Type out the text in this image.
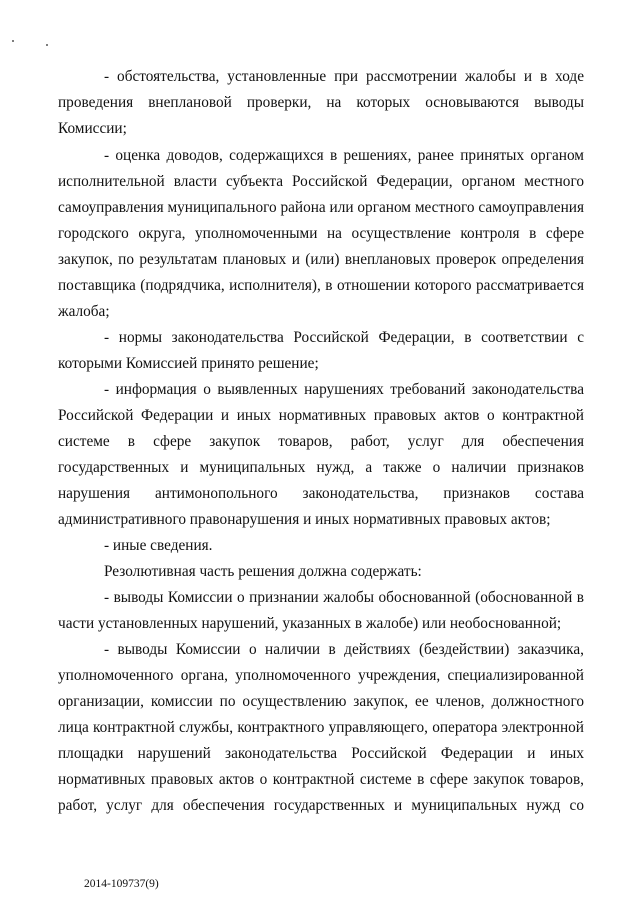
- обстоятельства, установленные при рассмотрении жалобы и в ходе
проведения внеплановой проверки, на которых основываются выводы
Комиссии;
- оценка доводов, содержащихся в решениях, ранее принятых органом
исполнительной власти субъекта Российской Федерации, органом местного
самоуправления муниципального района или органом местного самоуправления
городского округа, уполномоченными на осуществление контроля в сфере
закупок, по результатам плановых и (или) внеплановых проверок определения
поставщика (подрядчика, исполнителя), в отношении которого рассматривается
жалоба;
- нормы законодательства Российской Федерации, в соответствии с
которыми Комиссией принято решение;
- информация о выявленных нарушениях требований законодательства
Российской Федерации и иных нормативных правовых актов о контрактной
системе в сфере закупок товаров, работ, услуг для обеспечения
государственных и муниципальных нужд, а также о наличии признаков
нарушения антимонопольного законодательства, признаков состава
административного правонарушения и иных нормативных правовых актов;
- иные сведения.
Резолютивная часть решения должна содержать:
- выводы Комиссии о признании жалобы обоснованной (обоснованной в
части установленных нарушений, указанных в жалобе) или необоснованной;
- выводы Комиссии о наличии в действиях (бездействии) заказчика,
уполномоченного органа, уполномоченного учреждения, специализированной
организации, комиссии по осуществлению закупок, ее членов, должностного
лица контрактной службы, контрактного управляющего, оператора электронной
площадки нарушений законодательства Российской Федерации и иных
нормативных правовых актов о контрактной системе в сфере закупок товаров,
работ, услуг для обеспечения государственных и муниципальных нужд со
2014-109737(9)
